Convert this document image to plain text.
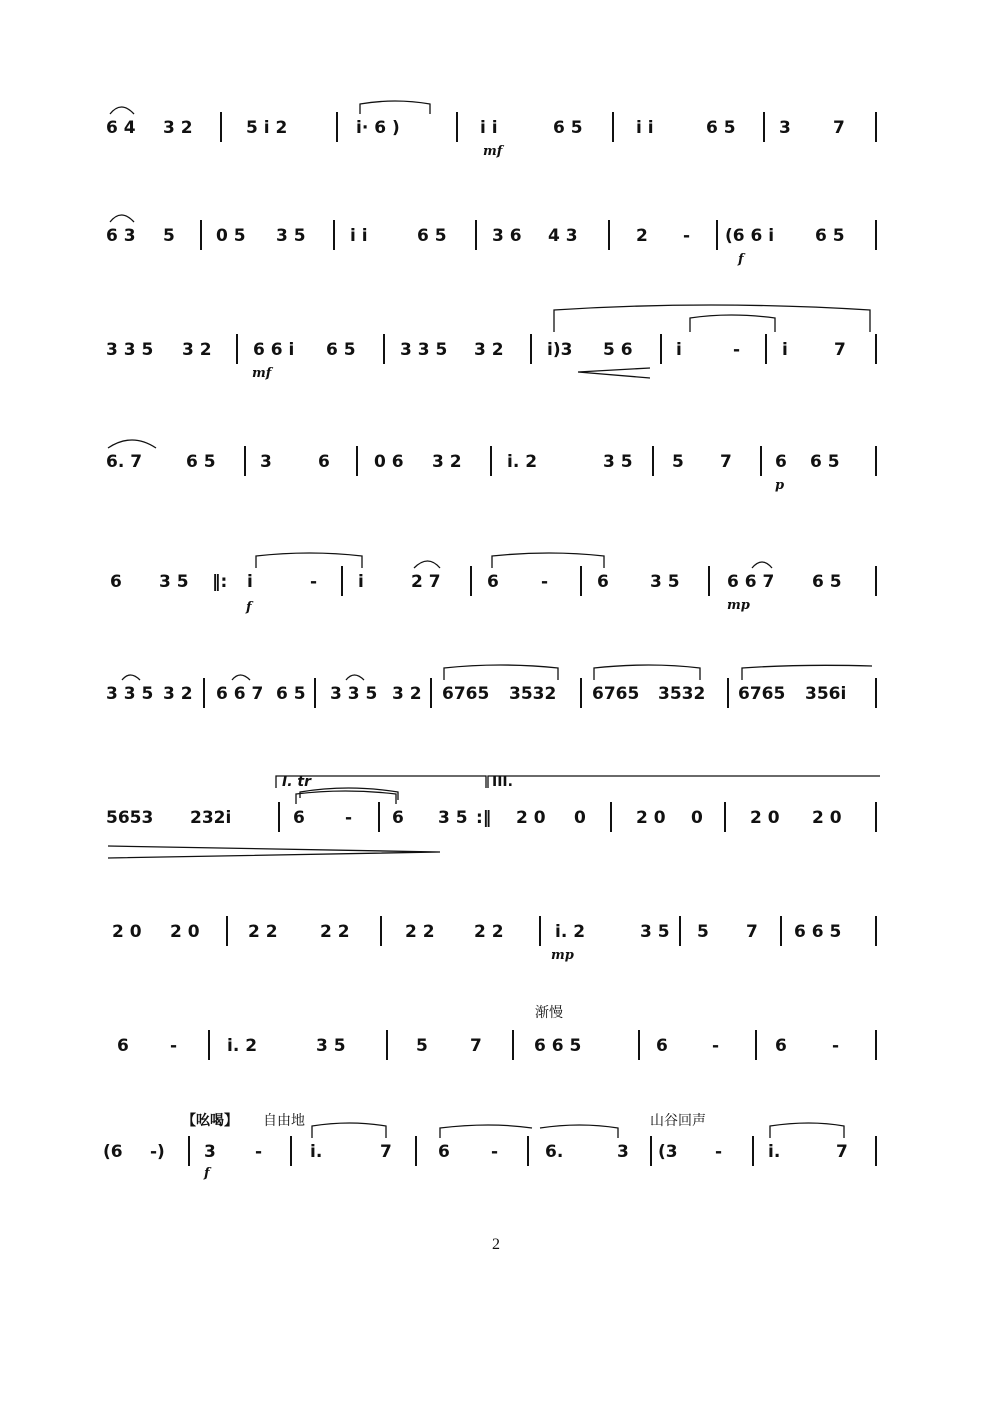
6 4 3 2	5 i 2	i· 6 )	i i	6 5	i i	6 5	3 7
mf
6 3 5 0 5 3 5	i i	6 5	3 6 4 3	2 - (6 6 i 6 5
f
3 3 5 3 2 6 6 i 6 5	3 3 5 3 2	i)3 5 6	i	- i	7
mf
6. 7	6 5	3	6	0 6 3 2	i. 2	3 5 5 7	6 6 5
p
6 3 5 ‖: i	- i	2 7	6 -	6 3 5	6 6 7 6 5
f	mp
3 3 5 3 2 6 6 7 6 5 3 3 5 3 2 6765 3532 6765 3532 6765 356i
I. tr	III.
5653 232i	6 - 6 3 5 :‖ 2 0 0	2 0 0	2 0 2 0
2 0 2 0	2 2 2 2	2 2 2 2	i. 2	3 5 5 7 6 6 5
mp
渐慢
6 -	i. 2	3 5	5 7	6 6 5	6	-	6	-
【吆喝】 自由地	山谷回声
(6 -) 3 -	i.	7	6 -	6.	3 (3 -	i.	7
f
2
